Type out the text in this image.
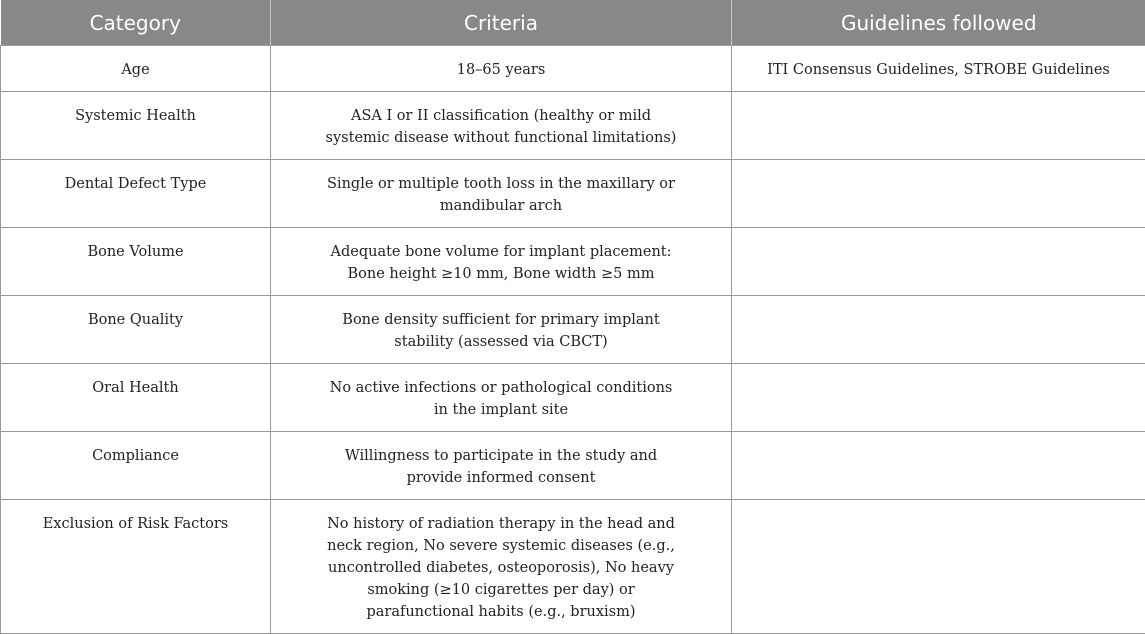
Category	Criteria	Guidelines followed
Age	18–65 years	ITI Consensus Guidelines, STROBE Guidelines
Systemic Health	ASA I or II classification (healthy or mild systemic disease without functional limitations)	
Dental Defect Type	Single or multiple tooth loss in the maxillary or mandibular arch	
Bone Volume	Adequate bone volume for implant placement: Bone height ≥10 mm, Bone width ≥5 mm	
Bone Quality	Bone density sufficient for primary implant stability (assessed via CBCT)	
Oral Health	No active infections or pathological conditions in the implant site	
Compliance	Willingness to participate in the study and provide informed consent	
Exclusion of Risk Factors	No history of radiation therapy in the head and neck region, No severe systemic diseases (e.g., uncontrolled diabetes, osteoporosis), No heavy smoking (≥10 cigarettes per day) or parafunctional habits (e.g., bruxism)	
